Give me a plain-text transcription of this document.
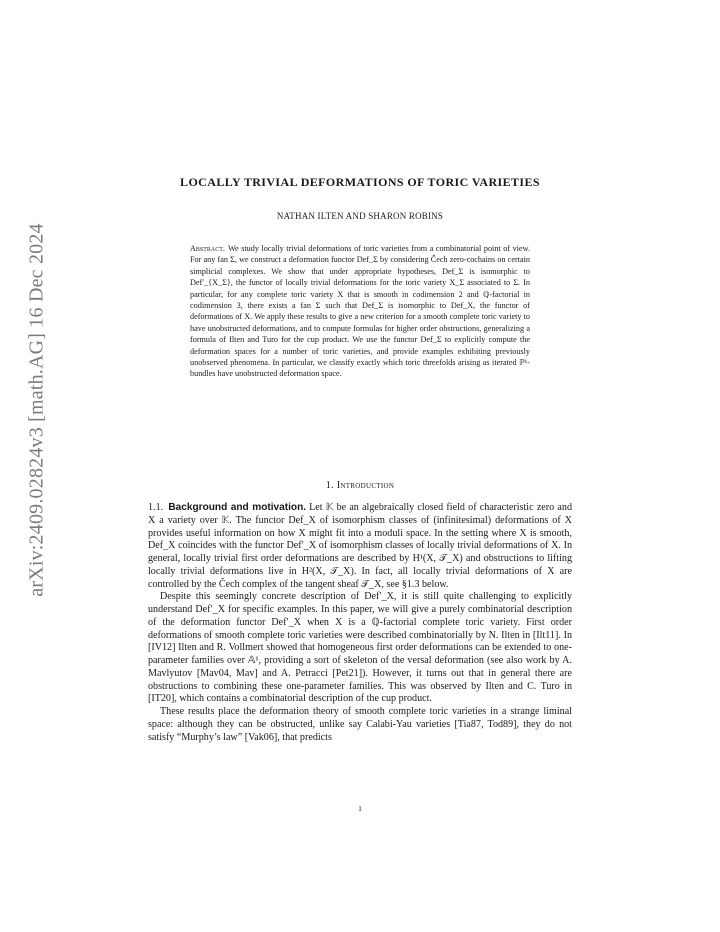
arXiv:2409.02824v3 [math.AG] 16 Dec 2024
LOCALLY TRIVIAL DEFORMATIONS OF TORIC VARIETIES
NATHAN ILTEN AND SHARON ROBINS
Abstract. We study locally trivial deformations of toric varieties from a combinatorial point of view. For any fan Σ, we construct a deformation functor Def_Σ by considering Čech zero-cochains on certain simplicial complexes. We show that under appropriate hypotheses, Def_Σ is isomorphic to Def′_{X_Σ}, the functor of locally trivial deformations for the toric variety X_Σ associated to Σ. In particular, for any complete toric variety X that is smooth in codimension 2 and ℚ-factorial in codimension 3, there exists a fan Σ such that Def_Σ is isomorphic to Def_X, the functor of deformations of X. We apply these results to give a new criterion for a smooth complete toric variety to have unobstructed deformations, and to compute formulas for higher order obstructions, generalizing a formula of Ilten and Turo for the cup product. We use the functor Def_Σ to explicitly compute the deformation spaces for a number of toric varieties, and provide examples exhibiting previously unobserved phenomena. In particular, we classify exactly which toric threefolds arising as iterated ℙ¹-bundles have unobstructed deformation space.
1. Introduction

1.1. Background and motivation. Let 𝕂 be an algebraically closed field of characteristic zero and X a variety over 𝕂. The functor Def_X of isomorphism classes of (infinitesimal) deformations of X provides useful information on how X might fit into a moduli space. In the setting where X is smooth, Def_X coincides with the functor Def′_X of isomorphism classes of locally trivial deformations of X. In general, locally trivial first order deformations are described by H¹(X, 𝒯_X) and obstructions to lifting locally trivial deformations live in H²(X, 𝒯_X). In fact, all locally trivial deformations of X are controlled by the Čech complex of the tangent sheaf 𝒯_X, see §1.3 below.

Despite this seemingly concrete description of Def′_X, it is still quite challenging to explicitly understand Def′_X for specific examples. In this paper, we will give a purely combinatorial description of the deformation functor Def′_X when X is a ℚ-factorial complete toric variety. First order deformations of smooth complete toric varieties were described combinatorially by N. Ilten in [Ilt11]. In [IV12] Ilten and R. Vollmert showed that homogeneous first order deformations can be extended to one-parameter families over 𝔸¹, providing a sort of skeleton of the versal deformation (see also work by A. Mavlyutov [Mav04, Mav] and A. Petracci [Pet21]). However, it turns out that in general there are obstructions to combining these one-parameter families. This was observed by Ilten and C. Turo in [IT20], which contains a combinatorial description of the cup product.

These results place the deformation theory of smooth complete toric varieties in a strange liminal space: although they can be obstructed, unlike say Calabi-Yau varieties [Tia87, Tod89], they do not satisfy “Murphy’s law” [Vak06], that predicts

1
